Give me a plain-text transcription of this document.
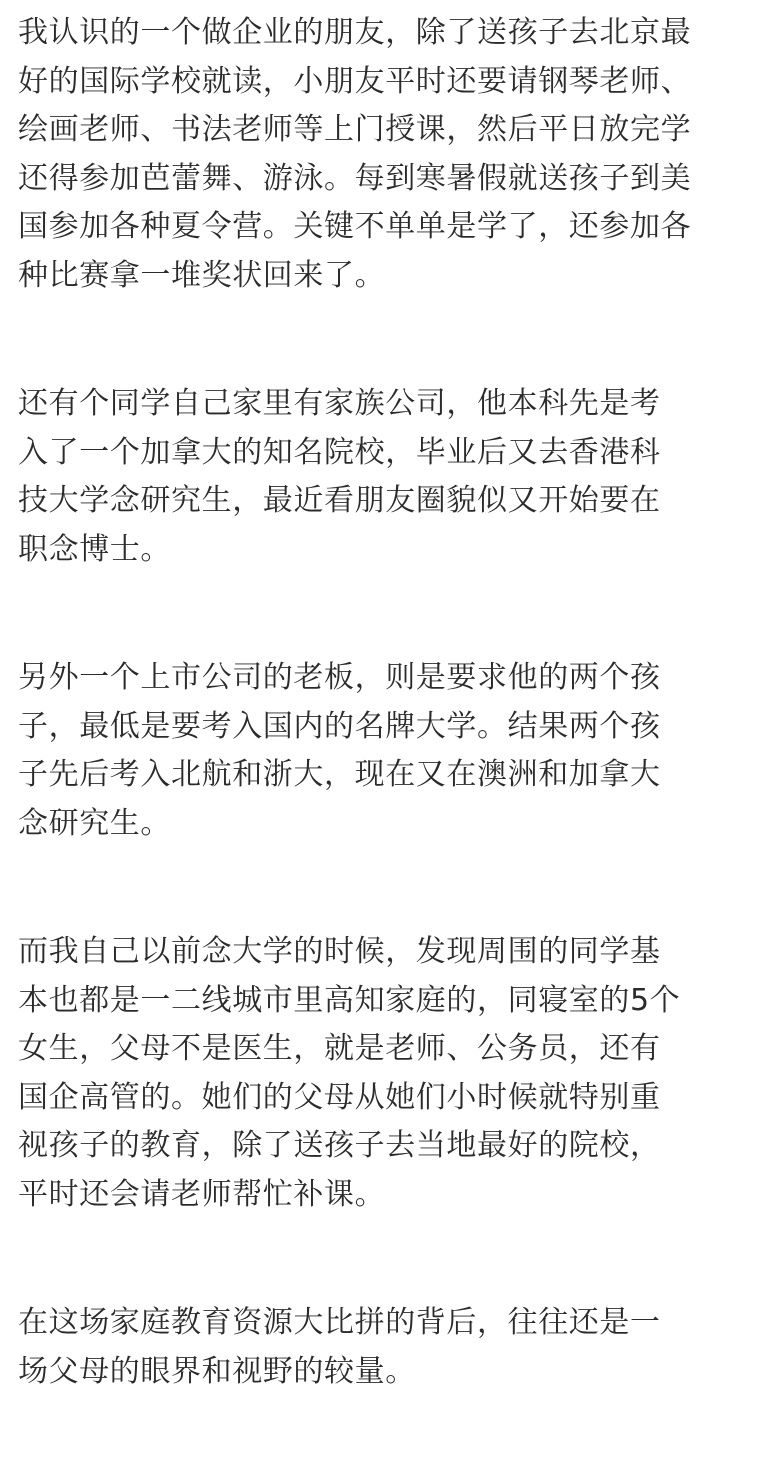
我认识的一个做企业的朋友，除了送孩子去北京最
好的国际学校就读，小朋友平时还要请钢琴老师、
绘画老师、书法老师等上门授课，然后平日放完学
还得参加芭蕾舞、游泳。每到寒暑假就送孩子到美
国参加各种夏令营。关键不单单是学了，还参加各
种比赛拿一堆奖状回来了。

还有个同学自己家里有家族公司，他本科先是考
入了一个加拿大的知名院校，毕业后又去香港科
技大学念研究生，最近看朋友圈貌似又开始要在
职念博士。

另外一个上市公司的老板，则是要求他的两个孩
子，最低是要考入国内的名牌大学。结果两个孩
子先后考入北航和浙大，现在又在澳洲和加拿大
念研究生。

而我自己以前念大学的时候，发现周围的同学基
本也都是一二线城市里高知家庭的，同寝室的5个
女生，父母不是医生，就是老师、公务员，还有
国企高管的。她们的父母从她们小时候就特别重
视孩子的教育，除了送孩子去当地最好的院校，
平时还会请老师帮忙补课。

在这场家庭教育资源大比拼的背后，往往还是一
场父母的眼界和视野的较量。
